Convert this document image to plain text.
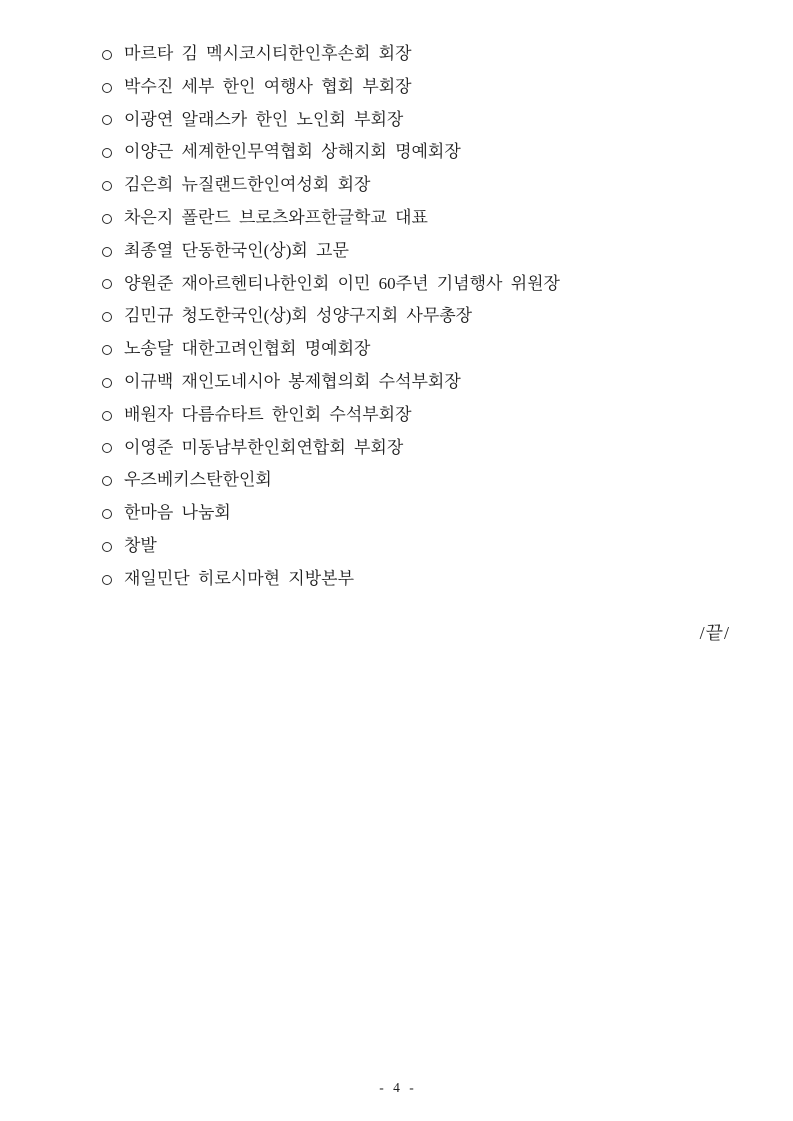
마르타 김 멕시코시티한인후손회 회장
박수진 세부 한인 여행사 협회 부회장
이광연 알래스카 한인 노인회 부회장
이양근 세계한인무역협회 상해지회 명예회장
김은희 뉴질랜드한인여성회 회장
차은지 폴란드 브로츠와프한글학교 대표
최종열 단동한국인(상)회 고문
양원준 재아르헨티나한인회 이민 60주년 기념행사 위원장
김민규 청도한국인(상)회 성양구지회 사무총장
노송달 대한고려인협회 명예회장
이규백 재인도네시아 봉제협의회 수석부회장
배원자 다름슈타트 한인회 수석부회장
이영준 미동남부한인회연합회 부회장
우즈베키스탄한인회
한마음 나눔회
창발
재일민단 히로시마현 지방본부
/끝/
- 4 -
